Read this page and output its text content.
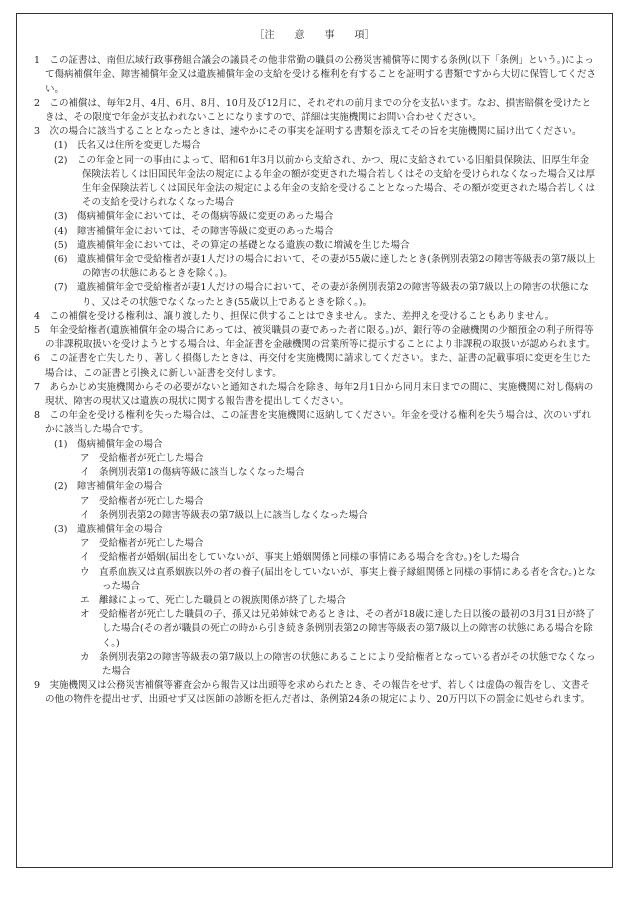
［注　　意　　事　　項］

1　この証書は、南但広域行政事務組合議会の議員その他非常勤の職員の公務災害補償等に関する条例(以下「条例」という。)によって傷病補償年金、障害補償年金又は遺族補償年金の支給を受ける権利を有することを証明する書類ですから大切に保管してください。

2　この補償は、毎年2月、4月、6月、8月、10月及び12月に、それぞれの前月までの分を支払います。なお、損害賠償を受けたときは、その限度で年金が支払われないことになりますので、詳細は実施機関にお問い合わせください。

3　次の場合に該当することとなったときは、速やかにその事実を証明する書類を添えてその旨を実施機関に届け出てください。

(1)　氏名又は住所を変更した場合

(2)　この年金と同一の事由によって、昭和61年3月以前から支給され、かつ、現に支給されている旧船員保険法、旧厚生年金保険法若しくは旧国民年金法の規定による年金の額が変更された場合若しくはその支給を受けられなくなった場合又は厚生年金保険法若しくは国民年金法の規定による年金の支給を受けることとなった場合、その額が変更された場合若しくはその支給を受けられなくなった場合

(3)　傷病補償年金においては、その傷病等級に変更のあった場合

(4)　障害補償年金においては、その障害等級に変更のあった場合

(5)　遺族補償年金においては、その算定の基礎となる遺族の数に増減を生じた場合

(6)　遺族補償年金で受給権者が妻1人だけの場合において、その妻が55歳に達したとき(条例別表第2の障害等級表の第7級以上の障害の状態にあるときを除く。)。

(7)　遺族補償年金で受給権者が妻1人だけの場合において、その妻が条例別表第2の障害等級表の第7級以上の障害の状態になり、又はその状態でなくなったとき(55歳以上であるときを除く。)。

4　この補償を受ける権利は、譲り渡したり、担保に供することはできません。また、差押えを受けることもありません。

5　年金受給権者(遺族補償年金の場合にあっては、被災職員の妻であった者に限る。)が、銀行等の金融機関の少額預金の利子所得等の非課税取扱いを受けようとする場合は、年金証書を金融機関の営業所等に提示することにより非課税の取扱いが認められます。

6　この証書を亡失したり、著しく損傷したときは、再交付を実施機関に請求してください。また、証書の記載事項に変更を生じた場合は、この証書と引換えに新しい証書を交付します。

7　あらかじめ実施機関からその必要がないと通知された場合を除き、毎年2月1日から同月末日までの間に、実施機関に対し傷病の現状、障害の現状又は遺族の現状に関する報告書を提出してください。

8　この年金を受ける権利を失った場合は、この証書を実施機関に返納してください。年金を受ける権利を失う場合は、次のいずれかに該当した場合です。

(1)　傷病補償年金の場合

ア　受給権者が死亡した場合

イ　条例別表第1の傷病等級に該当しなくなった場合

(2)　障害補償年金の場合

ア　受給権者が死亡した場合

イ　条例別表第2の障害等級表の第7級以上に該当しなくなった場合

(3)　遺族補償年金の場合

ア　受給権者が死亡した場合

イ　受給権者が婚姻(届出をしていないが、事実上婚姻関係と同様の事情にある場合を含む。)をした場合

ウ　直系血族又は直系姻族以外の者の養子(届出をしていないが、事実上養子縁組関係と同様の事情にある者を含む。)となった場合

エ　離縁によって、死亡した職員との親族関係が終了した場合

オ　受給権者が死亡した職員の子、孫又は兄弟姉妹であるときは、その者が18歳に達した日以後の最初の3月31日が終了した場合(その者が職員の死亡の時から引き続き条例別表第2の障害等級表の第7級以上の障害の状態にある場合を除く。)

カ　条例別表第2の障害等級表の第7級以上の障害の状態にあることにより受給権者となっている者がその状態でなくなった場合

9　実施機関又は公務災害補償等審査会から報告又は出頭等を求められたとき、その報告をせず、若しくは虚偽の報告をし、文書その他の物件を提出せず、出頭せず又は医師の診断を拒んだ者は、条例第24条の規定により、20万円以下の罰金に処せられます。
